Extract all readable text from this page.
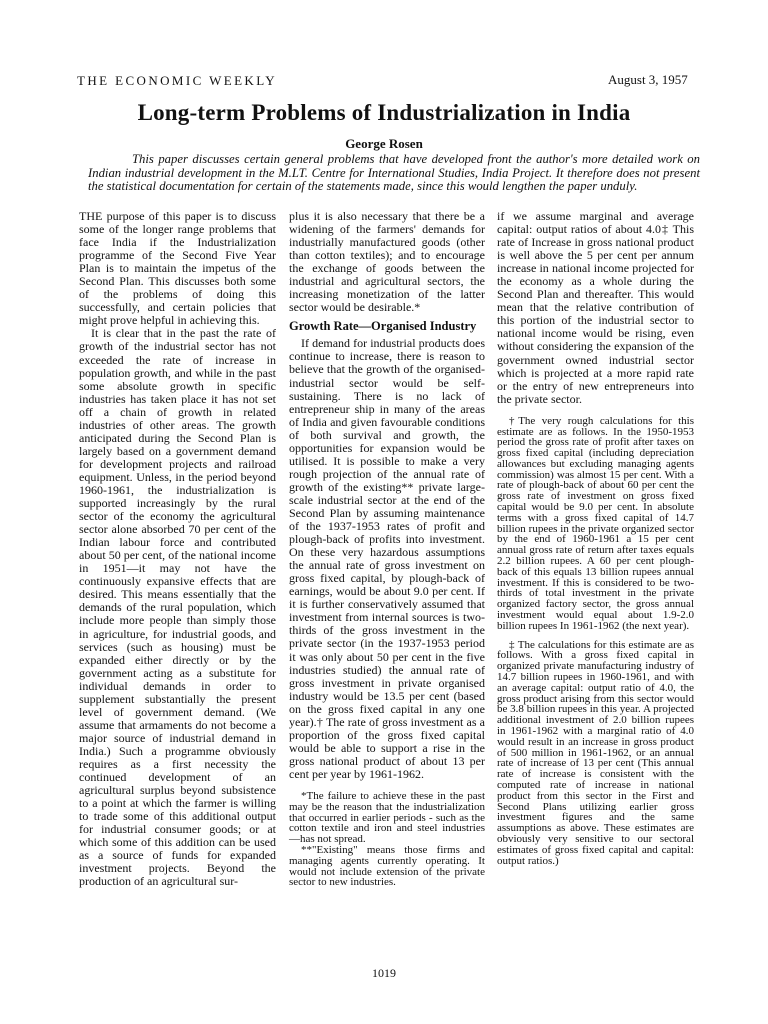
THE ECONOMIC WEEKLY	August 3, 1957
Long-term Problems of Industrialization in India
George Rosen
This paper discusses certain general problems that have developed front the author's more detailed work on Indian industrial development in the M.LT. Centre for International Studies, India Project. It therefore does not present the statistical documentation for certain of the statements made, since this would lengthen the paper unduly.

THE purpose of this paper is to discuss some of the longer range problems that face India if the Industrialization programme of the Second Five Year Plan is to maintain the impetus of the Second Plan. This discusses both some of the problems of doing this successfully, and certain policies that might prove helpful in achieving this.

It is clear that in the past the rate of growth of the industrial sector has not exceeded the rate of increase in population growth, and while in the past some absolute growth in specific industries has taken place it has not set off a chain of growth in related industries of other areas. The growth anticipated during the Second Plan is largely based on a government demand for development projects and railroad equipment. Unless, in the period beyond 1960-1961, the industrialization is supported increasingly by the rural sector of the economy the agricultural sector alone absorbed 70 per cent of the Indian labour force and contributed about 50 per cent, of the national income in 1951—it may not have the continuously expansive effects that are desired. This means essentially that the demands of the rural population, which include more people than simply those in agriculture, for industrial goods, and services (such as housing) must be expanded either directly or by the government acting as a substitute for individual demands in order to supplement substantially the present level of government demand. (We assume that armaments do not become a major source of industrial demand in India.) Such a programme obviously requires as a first necessity the continued development of an agricultural surplus beyond subsistence to a point at which the farmer is willing to trade some of this additional output for industrial consumer goods; or at which some of this addition can be used as a source of funds for expanded investment projects. Beyond the production of an agricultural sur-

plus it is also necessary that there be a widening of the farmers' demands for industrially manufactured goods (other than cotton textiles); and to encourage the exchange of goods between the industrial and agricultural sectors, the increasing monetization of the latter sector would be desirable.*

Growth Rate—Organised Industry

If demand for industrial products does continue to increase, there is reason to believe that the growth of the organised-industrial sector would be self-sustaining. There is no lack of entrepreneur ship in many of the areas of India and given favourable conditions of both survival and growth, the opportunities for expansion would be utilised. It is possible to make a very rough projection of the annual rate of growth of the existing** private large-scale industrial sector at the end of the Second Plan by assuming maintenance of the 1937-1953 rates of profit and plough-back of profits into investment. On these very hazardous assumptions the annual rate of gross investment on gross fixed capital, by plough-back of earnings, would be about 9.0 per cent. If it is further conservatively assumed that investment from internal sources is two-thirds of the gross investment in the private sector (in the 1937-1953 period it was only about 50 per cent in the five industries studied) the annual rate of gross investment in private organised industry would be 13.5 per cent (based on the gross fixed capital in any one year).† The rate of gross investment as a proportion of the gross fixed capital would be able to support a rise in the gross national product of about 13 per cent per year by 1961-1962.

*The failure to achieve these in the past may be the reason that the industrialization that occurred in earlier periods - such as the cotton textile and iron and steel industries —has not spread.

**"Existing" means those firms and managing agents currently operating. It would not include extension of the private sector to new industries.

if we assume marginal and average capital: output ratios of about 4.0‡ This rate of Increase in gross national product is well above the 5 per cent per annum increase in national income projected for the economy as a whole during the Second Plan and thereafter. This would mean that the relative contribution of this portion of the industrial sector to national income would be rising, even without considering the expansion of the government owned industrial sector which is projected at a more rapid rate or the entry of new entrepreneurs into the private sector.

†The very rough calculations for this estimate are as follows. In the 1950-1953 period the gross rate of profit after taxes on gross fixed capital (including depreciation allowances but excluding managing agents commission) was almost 15 per cent. With a rate of plough-back of about 60 per cent the gross rate of investment on gross fixed capital would be 9.0 per cent. In absolute terms with a gross fixed capital of 14.7 billion rupees in the private organized sector by the end of 1960-1961 a 15 per cent annual gross rate of return after taxes equals 2.2 billion rupees. A 60 per cent plough-back of this equals 13 billion rupees annual investment. If this is considered to be two-thirds of total investment in the private organized factory sector, the gross annual investment would equal about 1.9-2.0 billion rupees In 1961-1962 (the next year).

‡ The calculations for this estimate are as follows. With a gross fixed capital in organized private manufacturing industry of 14.7 billion rupees in 1960-1961, and with an average capital: output ratio of 4.0, the gross product arising from this sector would be 3.8 billion rupees in this year. A projected additional investment of 2.0 billion rupees in 1961-1962 with a marginal ratio of 4.0 would result in an increase in gross product of 500 million in 1961-1962, or an annual rate of increase of 13 per cent (This annual rate of increase is consistent with the computed rate of increase in national product from this sector in the First and Second Plans utilizing earlier gross investment figures and the same assumptions as above. These estimates are obviously very sensitive to our sectoral estimates of gross fixed capital and capital: output ratios.)

1019
